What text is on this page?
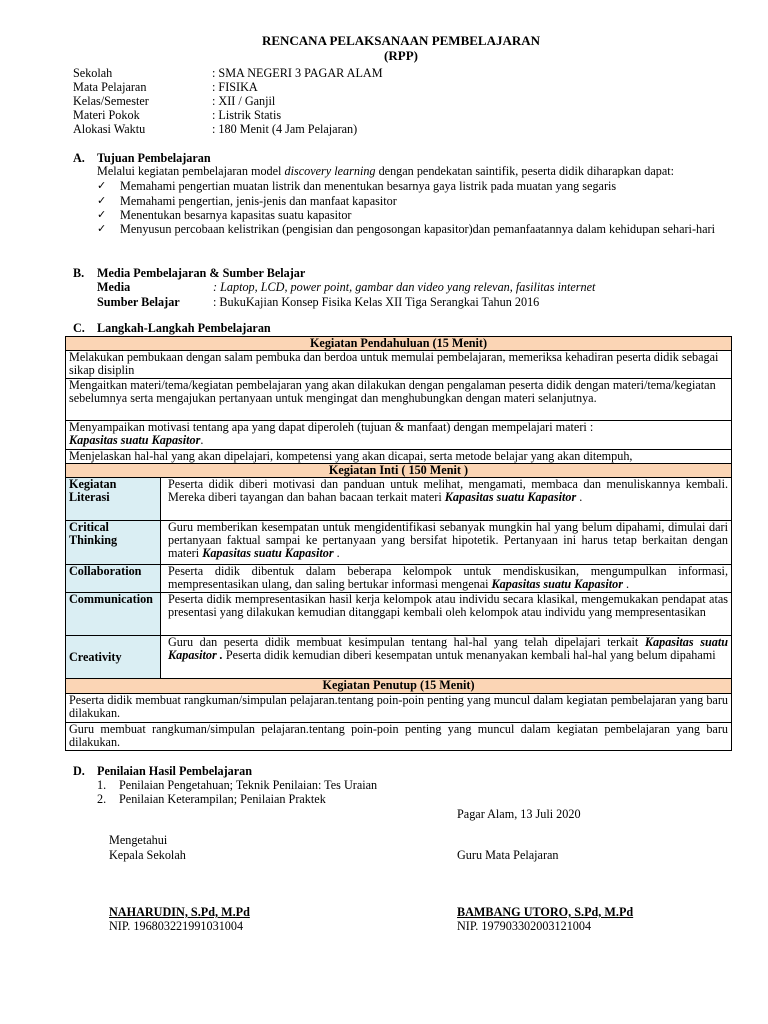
RENCANA PELAKSANAAN PEMBELAJARAN
(RPP)
Sekolah	: SMA NEGERI 3 PAGAR ALAM
Mata Pelajaran	: FISIKA
Kelas/Semester	: XII / Ganjil
Materi Pokok	: Listrik Statis
Alokasi Waktu	: 180 Menit (4 Jam Pelajaran)
A. Tujuan Pembelajaran
Melalui kegiatan pembelajaran model discovery learning dengan pendekatan saintifik, peserta didik diharapkan dapat:
✓	Memahami pengertian muatan listrik dan menentukan besarnya gaya listrik pada muatan yang segaris
✓	Memahami pengertian, jenis-jenis dan manfaat kapasitor
✓	Menentukan besarnya kapasitas suatu kapasitor
✓	Menyusun percobaan kelistrikan (pengisian dan pengosongan kapasitor)dan pemanfaatannya dalam kehidupan sehari-hari
B. Media Pembelajaran & Sumber Belajar
Media	: Laptop, LCD, power point, gambar dan video yang relevan, fasilitas internet
Sumber Belajar	: BukuKajian Konsep Fisika Kelas XII Tiga Serangkai Tahun 2016
C. Langkah-Langkah Pembelajaran
Kegiatan Pendahuluan (15 Menit)	
Melakukan pembukaan dengan salam pembuka dan berdoa untuk memulai pembelajaran, memeriksa kehadiran peserta didik sebagai sikap disiplin	
Mengaitkan materi/tema/kegiatan pembelajaran yang akan dilakukan dengan pengalaman peserta didik dengan materi/tema/kegiatan sebelumnya serta mengajukan pertanyaan untuk mengingat dan menghubungkan dengan materi selanjutnya.	
Menyampaikan motivasi tentang apa yang dapat diperoleh (tujuan & manfaat) dengan mempelajari materi :
Kapasitas suatu Kapasitor.	
Menjelaskan hal-hal yang akan dipelajari, kompetensi yang akan dicapai, serta metode belajar yang akan ditempuh,	
Kegiatan Inti ( 150 Menit )	
Kegiatan Literasi	Peserta didik diberi motivasi dan panduan untuk melihat, mengamati, membaca dan menuliskannya kembali. Mereka diberi tayangan dan bahan bacaan terkait materi Kapasitas suatu Kapasitor .
Critical Thinking	Guru memberikan kesempatan untuk mengidentifikasi sebanyak mungkin hal yang belum dipahami, dimulai dari pertanyaan faktual sampai ke pertanyaan yang bersifat hipotetik. Pertanyaan ini harus tetap berkaitan dengan materi Kapasitas suatu Kapasitor .
Collaboration	Peserta didik dibentuk dalam beberapa kelompok untuk mendiskusikan, mengumpulkan informasi, mempresentasikan ulang, dan saling bertukar informasi mengenai Kapasitas suatu Kapasitor .
Communication	Peserta didik mempresentasikan hasil kerja kelompok atau individu secara klasikal, mengemukakan pendapat atas presentasi yang dilakukan kemudian ditanggapi kembali oleh kelompok atau individu yang mempresentasikan
Creativity	Guru dan peserta didik membuat kesimpulan tentang hal-hal yang telah dipelajari terkait Kapasitas suatu Kapasitor . Peserta didik kemudian diberi kesempatan untuk menanyakan kembali hal-hal yang belum dipahami
Kegiatan Penutup (15 Menit)	
Peserta didik membuat rangkuman/simpulan pelajaran.tentang poin-poin penting yang muncul dalam kegiatan pembelajaran yang baru dilakukan.	
Guru membuat rangkuman/simpulan pelajaran.tentang poin-poin penting yang muncul dalam kegiatan pembelajaran yang baru dilakukan.	
D. Penilaian Hasil Pembelajaran
1.	Penilaian Pengetahuan; Teknik Penilaian: Tes Uraian
2.	Penilaian Keterampilan; Penilaian Praktek
Pagar Alam, 13 Juli 2020
Mengetahui
Kepala Sekolah	Guru Mata Pelajaran
NAHARUDIN, S.Pd, M.Pd
NIP. 196803221991031004
BAMBANG UTORO, S.Pd, M.Pd
NIP. 197903302003121004
